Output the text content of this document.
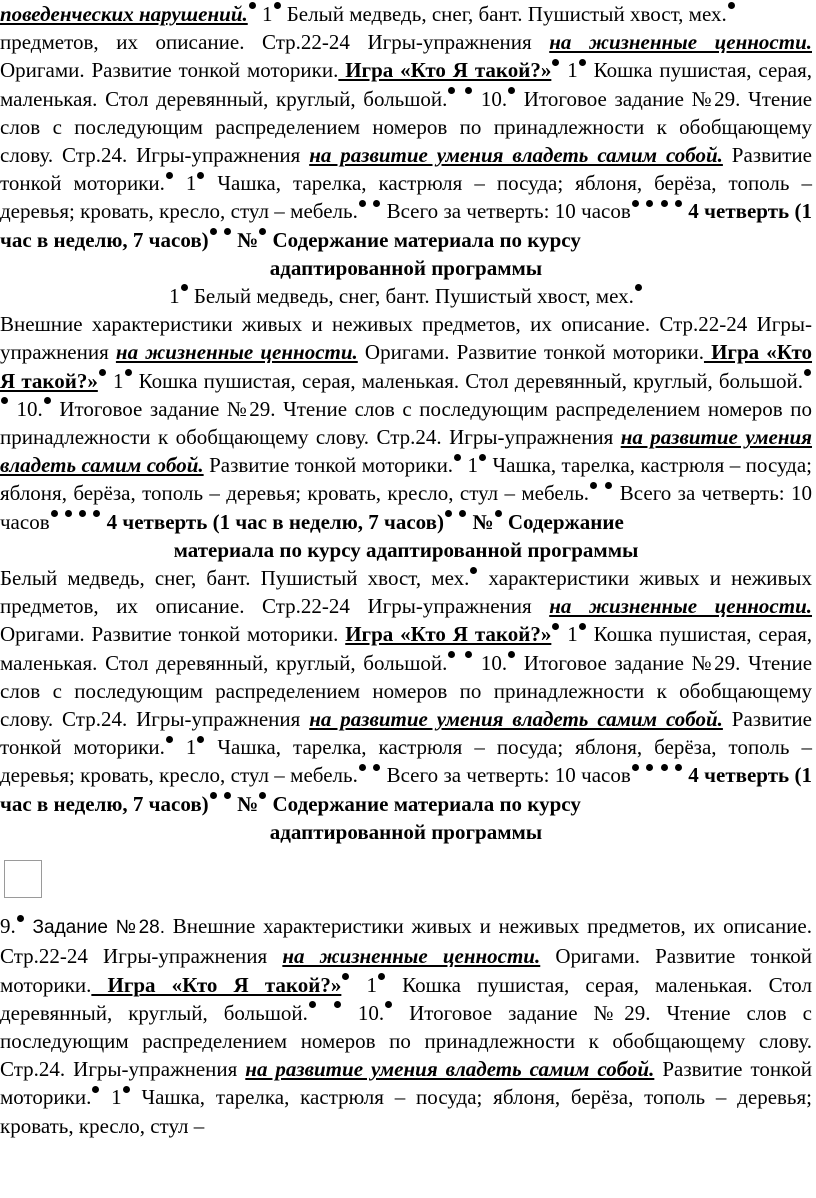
поведенческих нарушений. 1 Белый медведь, снег, бант. Пушистый хвост, мех.

предметов, их описание. Стр.22-24 Игры-упражнения на жизненные ценности. Оригами. Развитие тонкой моторики. Игра «Кто Я такой?» 1 Кошка пушистая, серая, маленькая. Стол деревянный, круглый, большой.  10. Итоговое задание №29. Чтение слов с последующим распределением номеров по принадлежности к обобщающему слову. Стр.24. Игры-упражнения на развитие умения владеть самим собой. Развитие тонкой моторики. 1 Чашка, тарелка, кастрюля – посуда; яблоня, берёза, тополь – деревья; кровать, кресло, стул – мебель.  Всего за четверть: 10 часов    4 четверть (1 час в неделю, 7 часов)  № Содержание материала по курсу

адаптированной программы

1 Белый медведь, снег, бант. Пушистый хвост, мех.

Внешние характеристики живых и неживых предметов, их описание. Стр.22-24 Игры-упражнения на жизненные ценности. Оригами. Развитие тонкой моторики. Игра «Кто Я такой?» 1 Кошка пушистая, серая, маленькая. Стол деревянный, круглый, большой.  10. Итоговое задание №29. Чтение слов с последующим распределением номеров по принадлежности к обобщающему слову. Стр.24. Игры-упражнения на развитие умения владеть самим собой. Развитие тонкой моторики. 1 Чашка, тарелка, кастрюля – посуда; яблоня, берёза, тополь – деревья; кровать, кресло, стул – мебель.  Всего за четверть: 10 часов    4 четверть (1 час в неделю, 7 часов)  № Содержание

материала по курсу адаптированной программы

Белый медведь, снег, бант. Пушистый хвост, мех. характеристики живых и неживых предметов, их описание. Стр.22-24 Игры-упражнения на жизненные ценности. Оригами. Развитие тонкой моторики. Игра «Кто Я такой?» 1 Кошка пушистая, серая, маленькая. Стол деревянный, круглый, большой.  10. Итоговое задание №29. Чтение слов с последующим распределением номеров по принадлежности к обобщающему слову. Стр.24. Игры-упражнения на развитие умения владеть самим собой. Развитие тонкой моторики. 1 Чашка, тарелка, кастрюля – посуда; яблоня, берёза, тополь – деревья; кровать, кресло, стул – мебель.  Всего за четверть: 10 часов    4 четверть (1 час в неделю, 7 часов)  № Содержание материала по курсу

адаптированной программы

9. Задание №28. Внешние характеристики живых и неживых предметов, их описание. Стр.22-24 Игры-упражнения на жизненные ценности. Оригами. Развитие тонкой моторики. Игра «Кто Я такой?» 1 Кошка пушистая, серая, маленькая. Стол деревянный, круглый, большой.  10. Итоговое задание №29. Чтение слов с последующим распределением номеров по принадлежности к обобщающему слову. Стр.24. Игры-упражнения на развитие умения владеть самим собой. Развитие тонкой моторики. 1 Чашка, тарелка, кастрюля – посуда; яблоня, берёза, тополь – деревья; кровать, кресло, стул –
